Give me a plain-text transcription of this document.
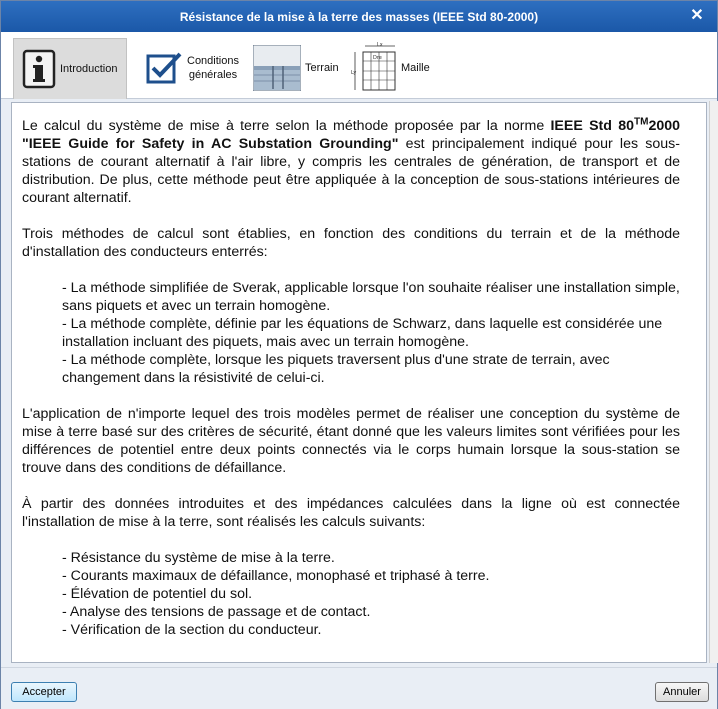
Résistance de la mise à la terre des masses (IEEE Std 80-2000)	✕
Introduction
Conditions
générales
Terrain
Lx
Ly
Dre
Maille

Le calcul du système de mise à terre selon la méthode proposée par la norme IEEE Std 80™2000 "IEEE Guide for Safety in AC Substation Grounding" est principalement indiqué pour les sous-stations de courant alternatif à l'air libre, y compris les centrales de génération, de transport et de distribution. De plus, cette méthode peut être appliquée à la conception de sous-stations intérieures de courant alternatif.

Trois méthodes de calcul sont établies, en fonction des conditions du terrain et de la méthode d'installation des conducteurs enterrés:

- La méthode simplifiée de Sverak, applicable lorsque l'on souhaite réaliser une installation simple, sans piquets et avec un terrain homogène.
- La méthode complète, définie par les équations de Schwarz, dans laquelle est considérée une installation incluant des piquets, mais avec un terrain homogène.
- La méthode complète, lorsque les piquets traversent plus d'une strate de terrain, avec changement dans la résistivité de celui-ci.

L'application de n'importe lequel des trois modèles permet de réaliser une conception du système de mise à terre basé sur des critères de sécurité, étant donné que les valeurs limites sont vérifiées pour les différences de potentiel entre deux points connectés via le corps humain lorsque la sous-station se trouve dans des conditions de défaillance.

À partir des données introduites et des impédances calculées dans la ligne où est connectée l'installation de mise à la terre, sont réalisés les calculs suivants:

- Résistance du système de mise à la terre.
- Courants maximaux de défaillance, monophasé et triphasé à terre.
- Élévation de potentiel du sol.
- Analyse des tensions de passage et de contact.
- Vérification de la section du conducteur.
Accepter	Annuler
